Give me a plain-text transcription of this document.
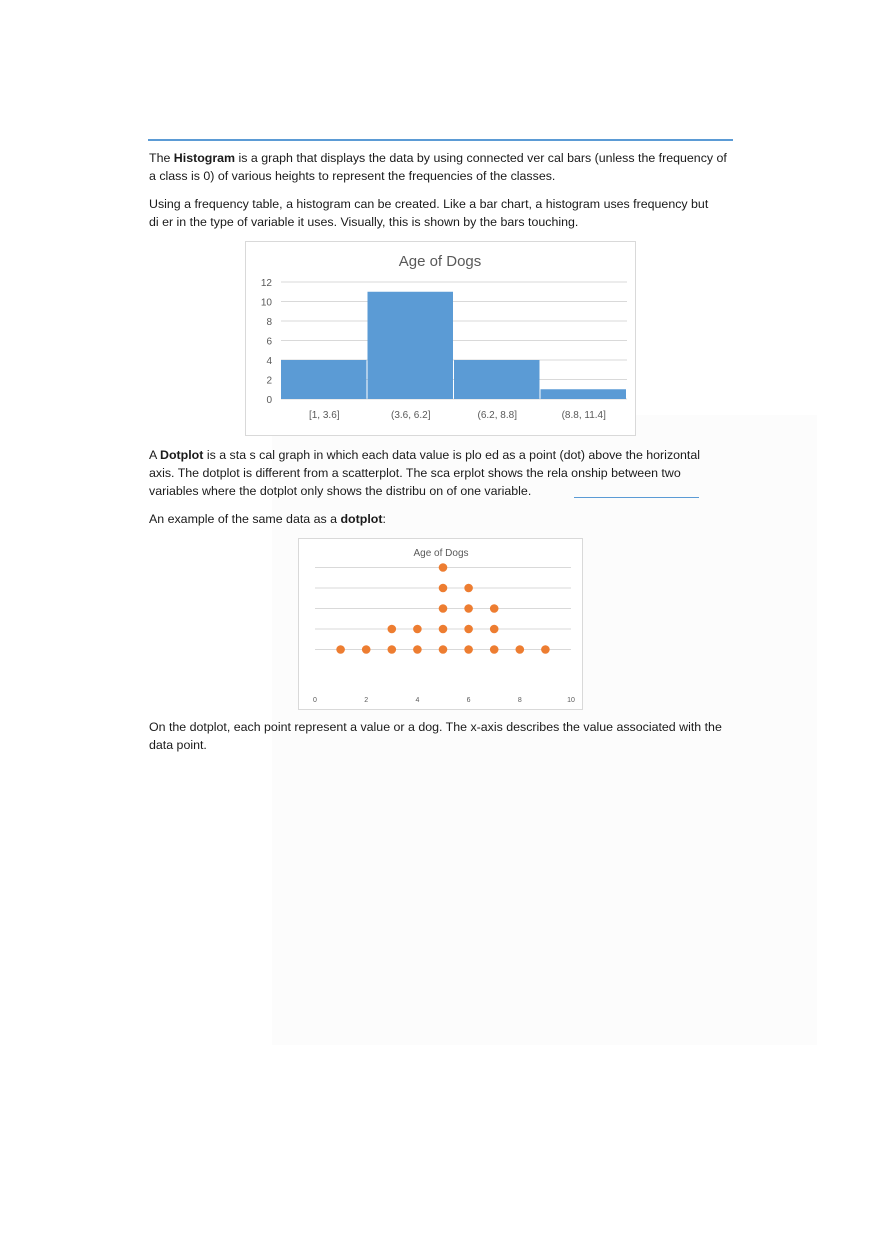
The Histogram is a graph that displays the data by using connected ver cal bars (unless the frequency of
a class is 0) of various heights to represent the frequencies of the classes.
Using a frequency table, a histogram can be created. Like a bar chart, a histogram uses frequency but
di er in the type of variable it uses. Visually, this is shown by the bars touching.
Age of Dogs
0
2
4
6
8
10
12
[1, 3.6]	(3.6, 6.2]	(6.2, 8.8]	(8.8, 11.4]
A Dotplot is a sta s cal graph in which each data value is plo ed as a point (dot) above the horizontal
axis. The dotplot is different from a scatterplot. The sca erplot shows the rela onship between two
variables where the dotplot only shows the distribu on of one variable.
An example of the same data as a dotplot:
Age of Dogs
0	2	4	6	8	10
On the dotplot, each point represent a value or a dog. The x-axis describes the value associated with the
data point.
